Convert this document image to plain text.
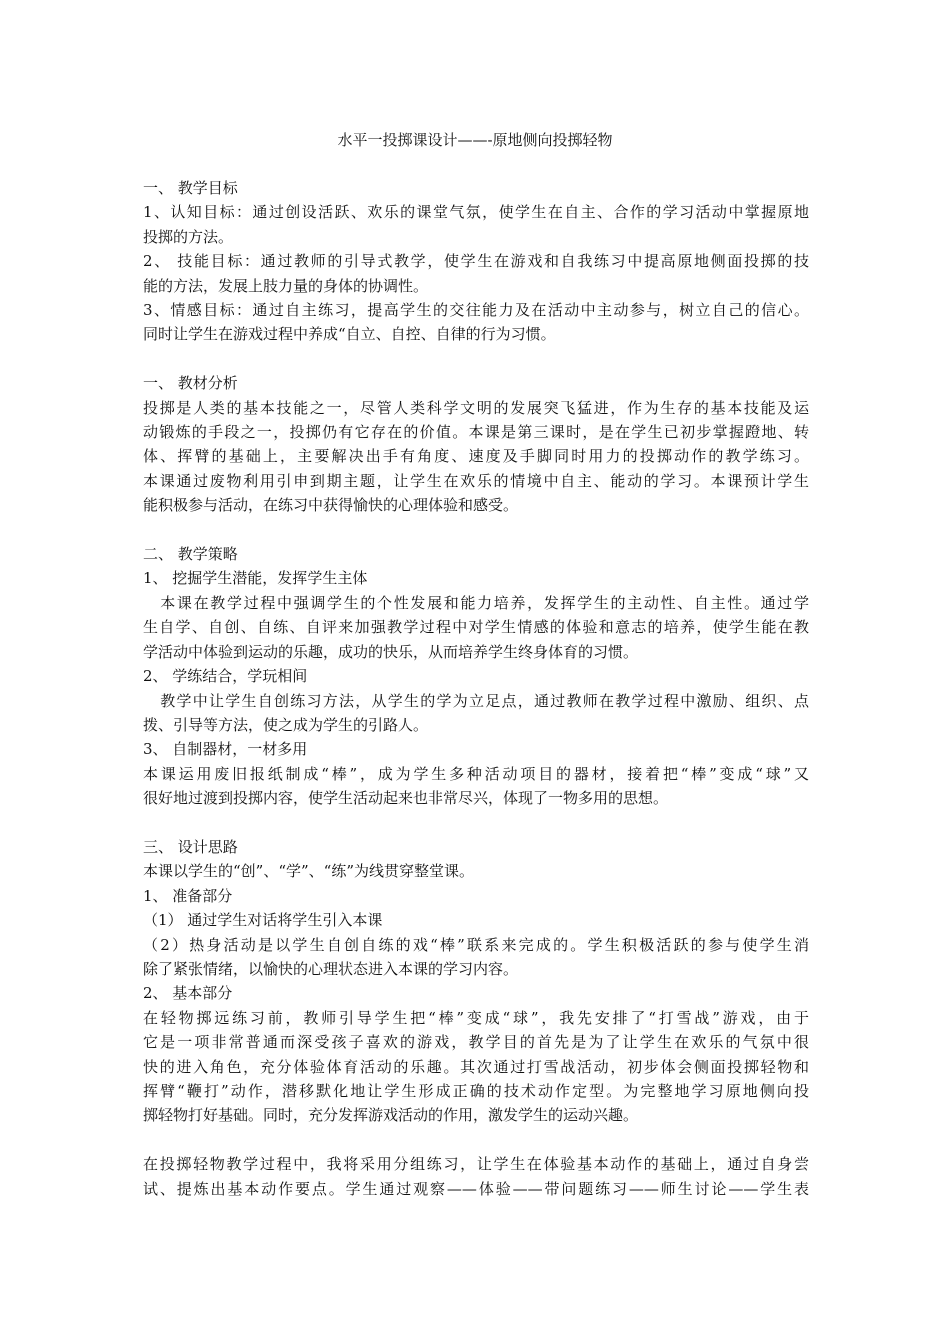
水平一投掷课设计——-原地侧向投掷轻物
一、 教学目标
1、认知目标：通过创设活跃、欢乐的课堂气氛，使学生在自主、合作的学习活动中掌握原地
投掷的方法。
2、 技能目标：通过教师的引导式教学，使学生在游戏和自我练习中提高原地侧面投掷的技
能的方法，发展上肢力量的身体的协调性。
3、情感目标：通过自主练习，提高学生的交往能力及在活动中主动参与，树立自己的信心。
同时让学生在游戏过程中养成“自立、自控、自律的行为习惯。
一、 教材分析
投掷是人类的基本技能之一，尽管人类科学文明的发展突飞猛进，作为生存的基本技能及运
动锻炼的手段之一，投掷仍有它存在的价值。本课是第三课时，是在学生已初步掌握蹬地、转
体、挥臂的基础上，主要解决出手有角度、速度及手脚同时用力的投掷动作的教学练习。
本课通过废物利用引申到期主题，让学生在欢乐的情境中自主、能动的学习。本课预计学生
能积极参与活动，在练习中获得愉快的心理体验和感受。
二、 教学策略
1、 挖掘学生潜能，发挥学生主体
本课在教学过程中强调学生的个性发展和能力培养，发挥学生的主动性、自主性。通过学
生自学、自创、自练、自评来加强教学过程中对学生情感的体验和意志的培养，使学生能在教
学活动中体验到运动的乐趣，成功的快乐，从而培养学生终身体育的习惯。
2、 学练结合，学玩相间
教学中让学生自创练习方法，从学生的学为立足点，通过教师在教学过程中激励、组织、点
拨、引导等方法，使之成为学生的引路人。
3、 自制器材，一材多用
本课运用废旧报纸制成“棒”，成为学生多种活动项目的器材，接着把“棒”变成“球”又
很好地过渡到投掷内容，使学生活动起来也非常尽兴，体现了一物多用的思想。
三、 设计思路
本课以学生的“创”、“学”、“练”为线贯穿整堂课。
1、 准备部分
（1） 通过学生对话将学生引入本课
（2）热身活动是以学生自创自练的戏“棒”联系来完成的。学生积极活跃的参与使学生消
除了紧张情绪，以愉快的心理状态进入本课的学习内容。
2、 基本部分
在轻物掷远练习前，教师引导学生把“棒”变成“球”，我先安排了“打雪战”游戏，由于
它是一项非常普通而深受孩子喜欢的游戏，教学目的首先是为了让学生在欢乐的气氛中很
快的进入角色，充分体验体育活动的乐趣。其次通过打雪战活动，初步体会侧面投掷轻物和
挥臂“鞭打”动作，潜移默化地让学生形成正确的技术动作定型。为完整地学习原地侧向投
掷轻物打好基础。同时，充分发挥游戏活动的作用，激发学生的运动兴趣。
在投掷轻物教学过程中，我将采用分组练习，让学生在体验基本动作的基础上，通过自身尝
试、提炼出基本动作要点。学生通过观察——体验——带问题练习——师生讨论——学生表
